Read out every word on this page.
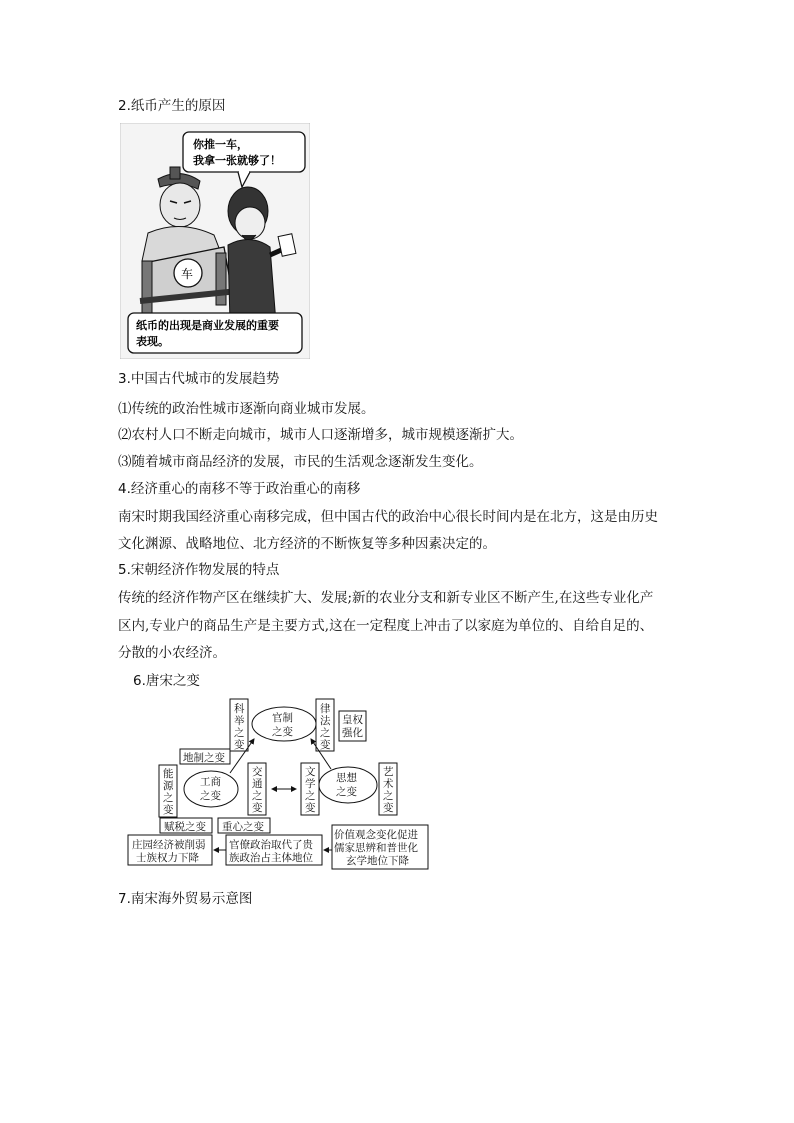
2.纸币产生的原因
你推一车，
我拿一张就够了！
车
纸币的出现是商业发展的重要
表现。
3.中国古代城市的发展趋势
⑴传统的政治性城市逐渐向商业城市发展。
⑵农村人口不断走向城市，城市人口逐渐增多，城市规模逐渐扩大。
⑶随着城市商品经济的发展，市民的生活观念逐渐发生变化。
4.经济重心的南移不等于政治重心的南移
南宋时期我国经济重心南移完成，但中国古代的政治中心很长时间内是在北方，这是由历史
文化渊源、战略地位、北方经济的不断恢复等多种因素决定的。
5.宋朝经济作物发展的特点
传统的经济作物产区在继续扩大、发展;新的农业分支和新专业区不断产生,在这些专业化产
区内,专业户的商品生产是主要方式,这在一定程度上冲击了以家庭为单位的、自给自足的、
分散的小农经济。
6.唐宋之变
官制
之变
工商
之变
思想
之变
科举之变
律法之变
皇权
强化
地制之变
能源之变
交通之变
文学之变
艺术之变
赋税之变 重心之变
庄园经济被削弱
士族权力下降
官僚政治取代了贵
族政治占主体地位
价值观念变化促进
儒家思辨和普世化
玄学地位下降
7.南宋海外贸易示意图
